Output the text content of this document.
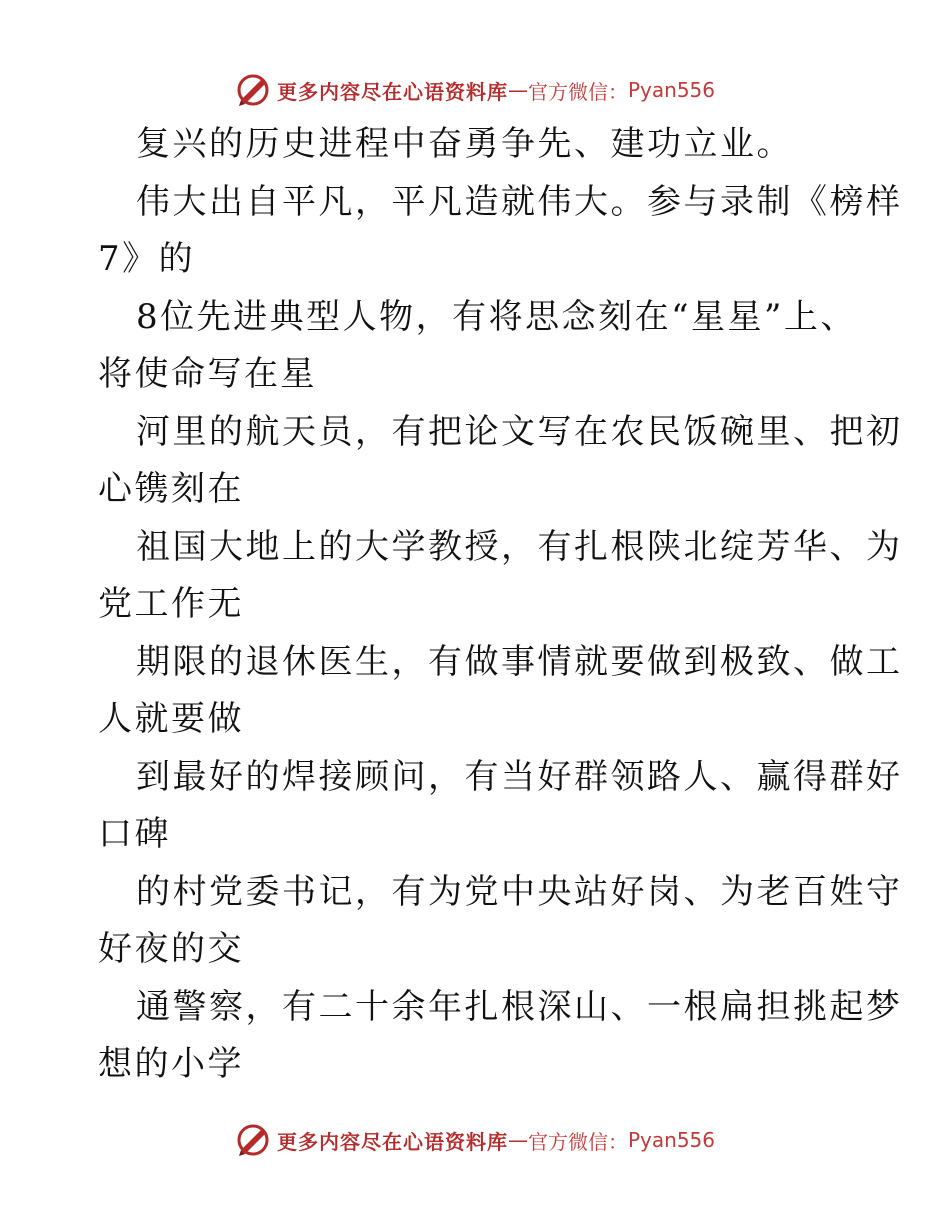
更多内容尽在心语资料库 — 官方微信： Pyan556
复兴的历史进程中奋勇争先、建功立业。
伟大出自平凡，平凡造就伟大。参与录制《榜样
7》的
8位先进典型人物，有将思念刻在“星星”上、
将使命写在星
河里的航天员，有把论文写在农民饭碗里、把初
心镌刻在
祖国大地上的大学教授，有扎根陕北绽芳华、为
党工作无
期限的退休医生，有做事情就要做到极致、做工
人就要做
到最好的焊接顾问，有当好群领路人、赢得群好
口碑
的村党委书记，有为党中央站好岗、为老百姓守
好夜的交
通警察，有二十余年扎根深山、一根扁担挑起梦
想的小学
更多内容尽在心语资料库 — 官方微信： Pyan556
